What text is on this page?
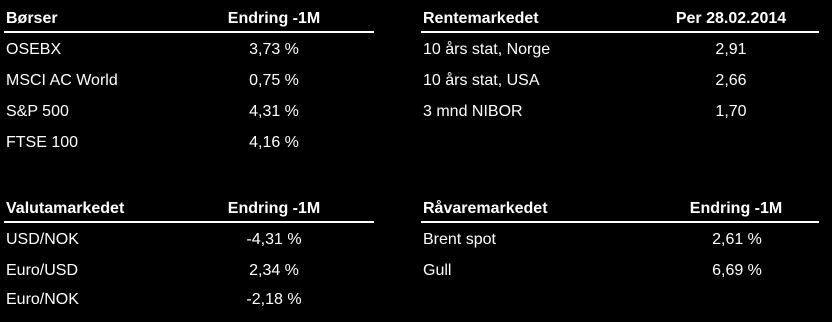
Børser	Endring -1M
OSEBX	3,73 %
MSCI AC World	0,75 %
S&P 500	4,31 %
FTSE 100	4,16 %
Rentemarkedet	Per 28.02.2014
10 års stat, Norge	2,91
10 års stat, USA	2,66
3 mnd NIBOR	1,70
Valutamarkedet	Endring -1M
USD/NOK	-4,31 %
Euro/USD	2,34 %
Euro/NOK	-2,18 %
Råvaremarkedet	Endring -1M
Brent spot	2,61 %
Gull	6,69 %
